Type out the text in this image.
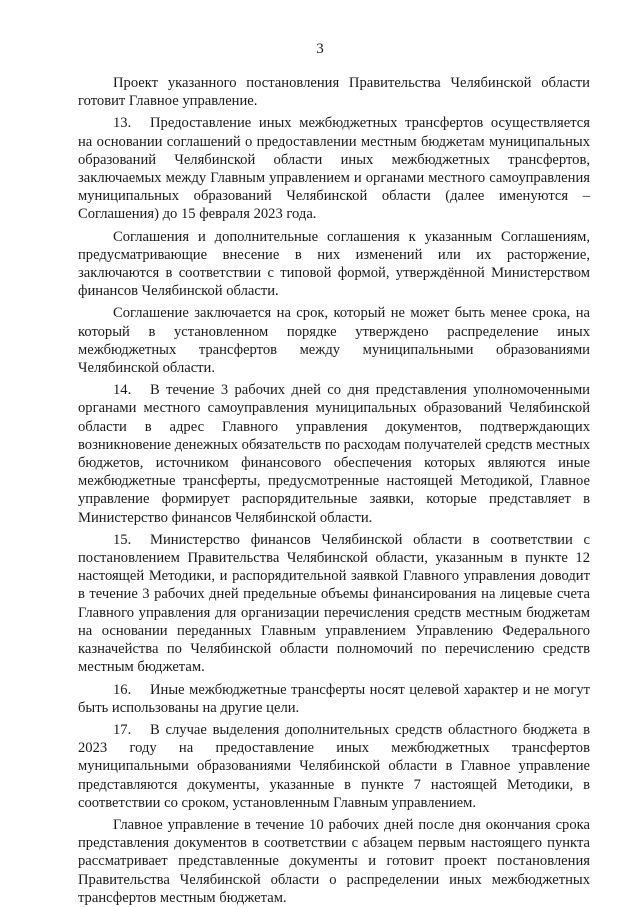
3

Проект указанного постановления Правительства Челябинской области готовит Главное управление.

13. Предоставление иных межбюджетных трансфертов осуществляется на основании соглашений о предоставлении местным бюджетам муниципальных образований Челябинской области иных межбюджетных трансфертов, заключаемых между Главным управлением и органами местного самоуправления муниципальных образований Челябинской области (далее именуются – Соглашения) до 15 февраля 2023 года.

Соглашения и дополнительные соглашения к указанным Соглашениям, предусматривающие внесение в них изменений или их расторжение, заключаются в соответствии с типовой формой, утверждённой Министерством финансов Челябинской области.

Соглашение заключается на срок, который не может быть менее срока, на который в установленном порядке утверждено распределение иных межбюджетных трансфертов между муниципальными образованиями Челябинской области.

14. В течение 3 рабочих дней со дня представления уполномоченными органами местного самоуправления муниципальных образований Челябинской области в адрес Главного управления документов, подтверждающих возникновение денежных обязательств по расходам получателей средств местных бюджетов, источником финансового обеспечения которых являются иные межбюджетные трансферты, предусмотренные настоящей Методикой, Главное управление формирует распорядительные заявки, которые представляет в Министерство финансов Челябинской области.

15. Министерство финансов Челябинской области в соответствии с постановлением Правительства Челябинской области, указанным в пункте 12 настоящей Методики, и распорядительной заявкой Главного управления доводит в течение 3 рабочих дней предельные объемы финансирования на лицевые счета Главного управления для организации перечисления средств местным бюджетам на основании переданных Главным управлением Управлению Федерального казначейства по Челябинской области полномочий по перечислению средств местным бюджетам.

16. Иные межбюджетные трансферты носят целевой характер и не могут быть использованы на другие цели.

17. В случае выделения дополнительных средств областного бюджета в 2023 году на предоставление иных межбюджетных трансфертов муниципальными образованиями Челябинской области в Главное управление представляются документы, указанные в пункте 7 настоящей Методики, в соответствии со сроком, установленным Главным управлением.

Главное управление в течение 10 рабочих дней после дня окончания срока представления документов в соответствии с абзацем первым настоящего пункта рассматривает представленные документы и готовит проект постановления Правительства Челябинской области о распределении иных межбюджетных трансфертов местным бюджетам.
